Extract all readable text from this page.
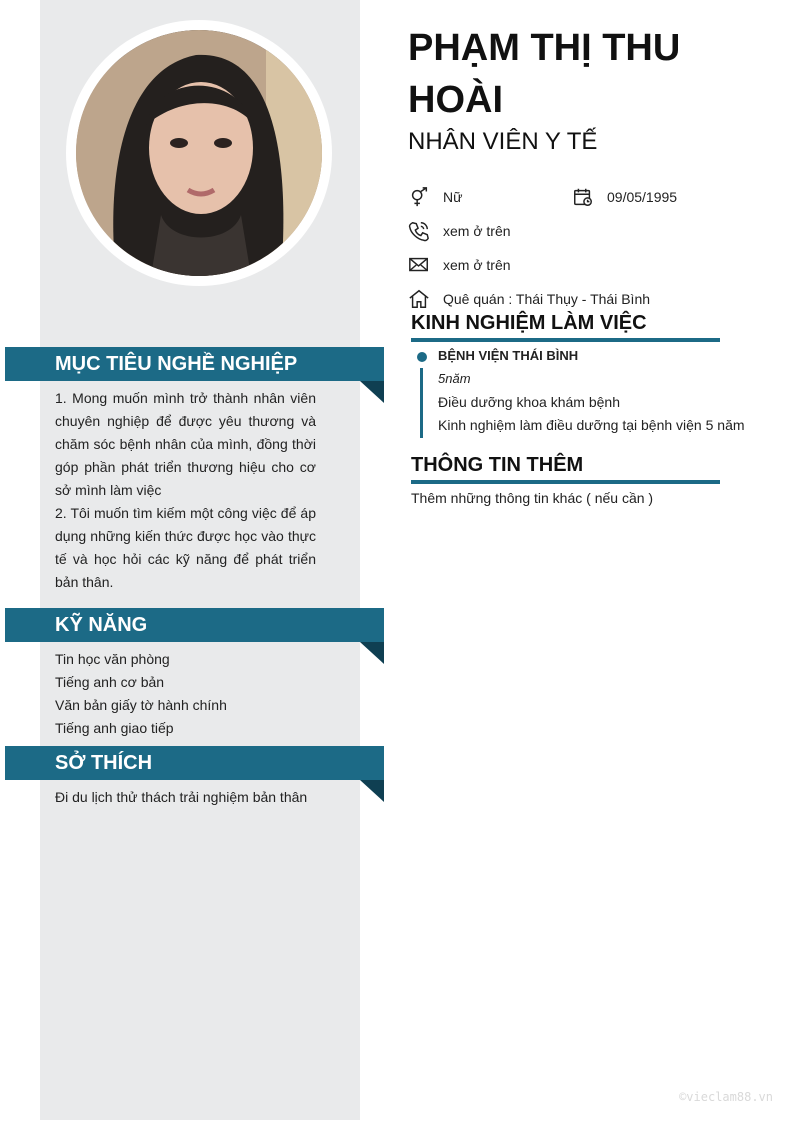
MỤC TIÊU NGHỀ NGHIỆP
1. Mong muốn mình trở thành nhân viên chuyên nghiệp để được yêu thương và chăm sóc bệnh nhân của mình, đồng thời góp phần phát triển thương hiệu cho cơ sở mình làm việc
2. Tôi muốn tìm kiếm một công việc để áp dụng những kiến thức được học vào thực tế và học hỏi các kỹ năng để phát triển bản thân.
KỸ NĂNG
Tin học văn phòng
Tiếng anh cơ bản
Văn bản giấy tờ hành chính
Tiếng anh giao tiếp
SỞ THÍCH
Đi du lịch thử thách trải nghiệm bản thân
PHẠM THỊ THU HOÀI
NHÂN VIÊN Y TẾ
Nữ	09/05/1995
xem ở trên
xem ở trên
Quê quán : Thái Thụy - Thái Bình
KINH NGHIỆM LÀM VIỆC
BỆNH VIỆN THÁI BÌNH
5năm
Điều dưỡng khoa khám bệnh
Kinh nghiệm làm điều dưỡng tại bệnh viện 5 năm
THÔNG TIN THÊM
Thêm những thông tin khác ( nếu cần )
©vieclam88.vn
